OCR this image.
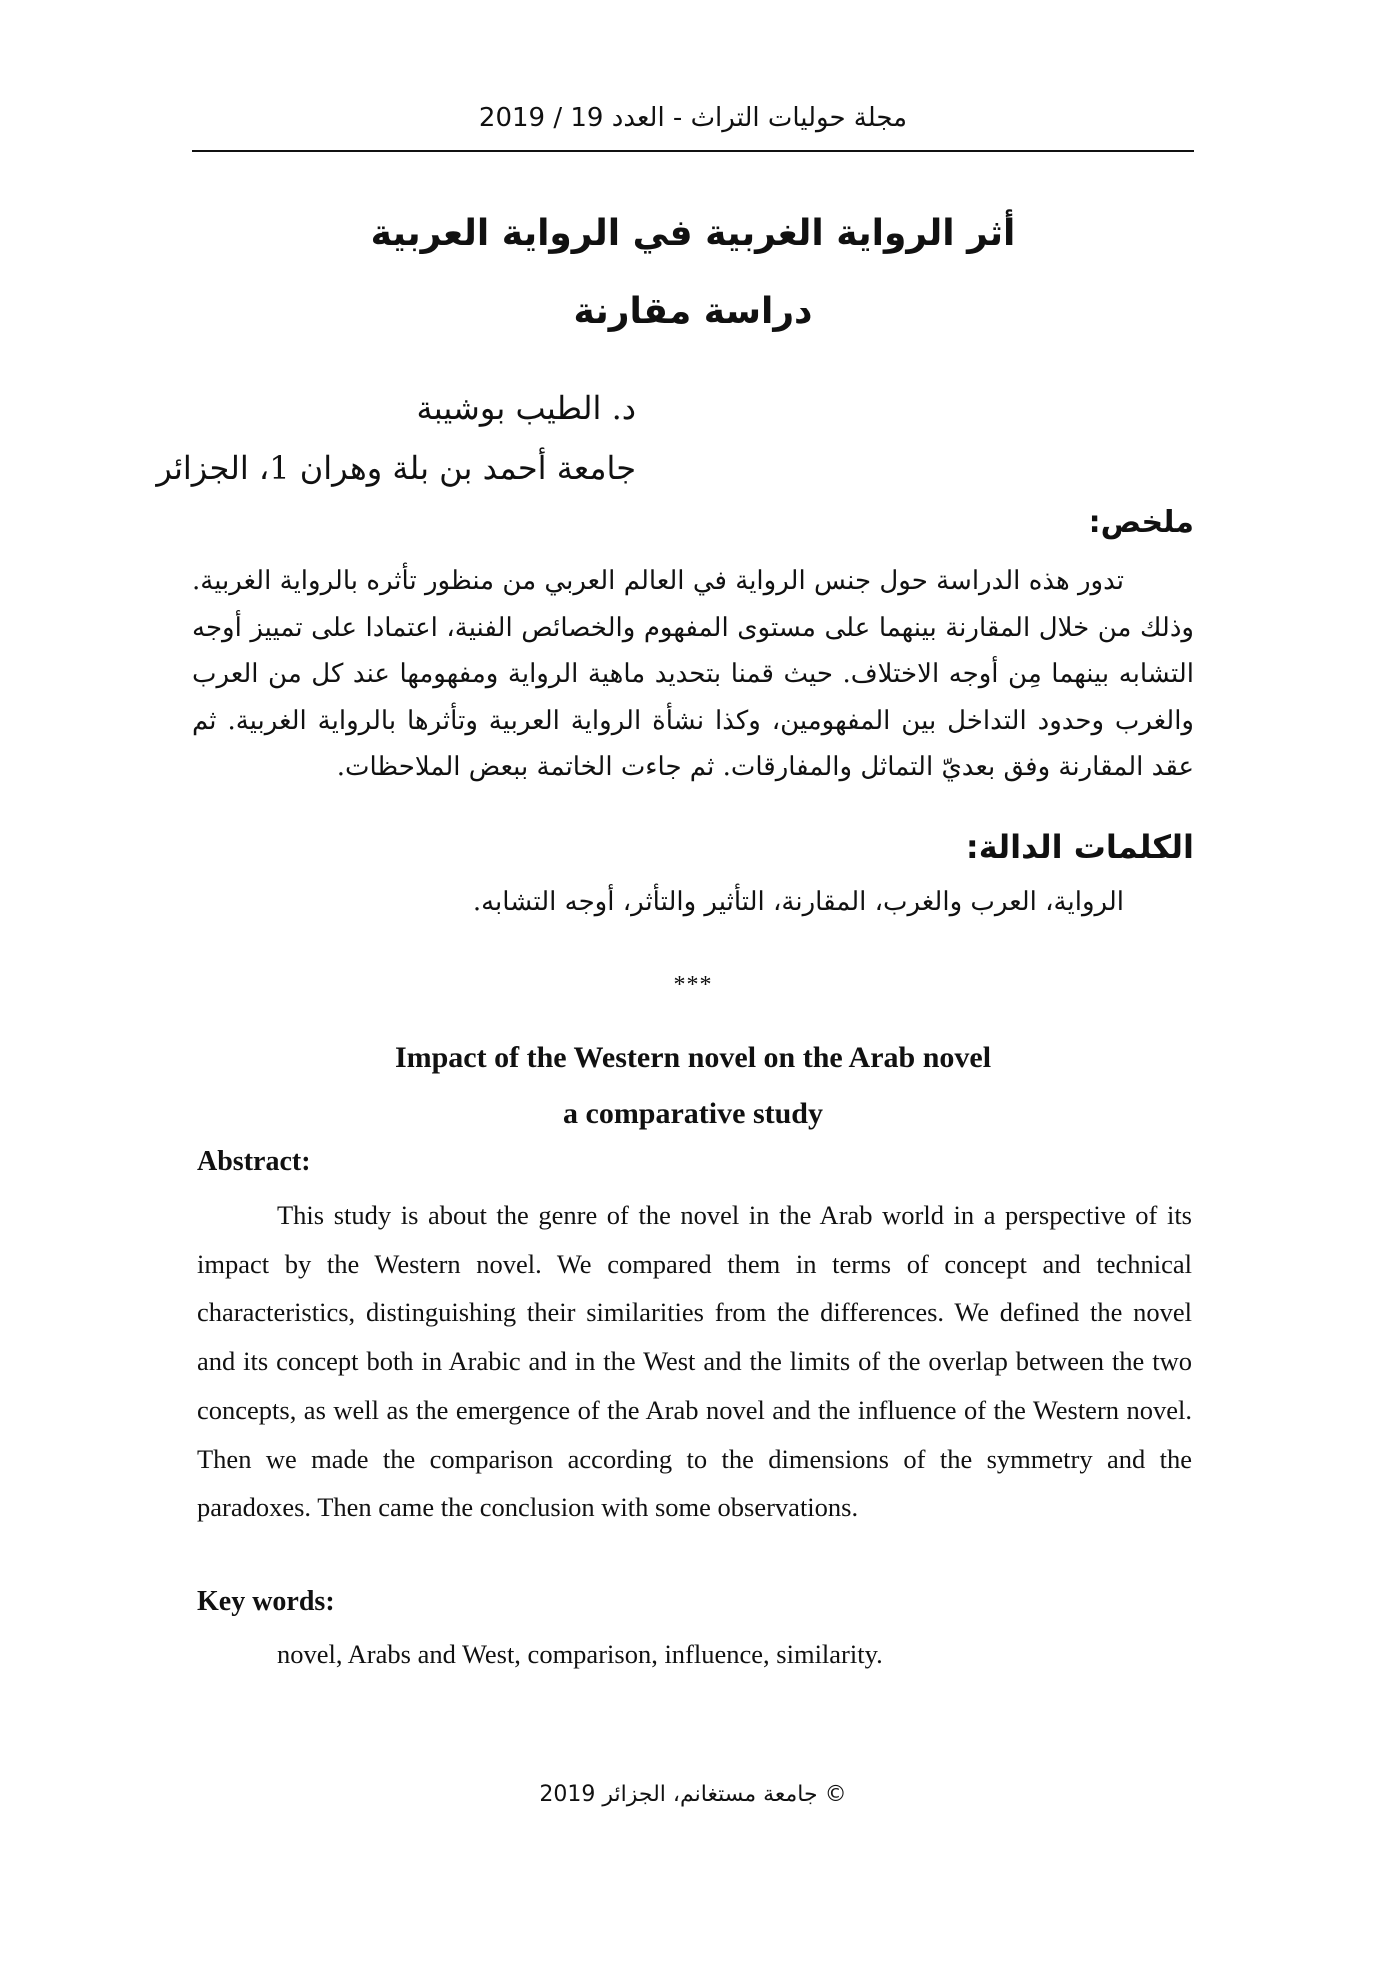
مجلة حوليات التراث - العدد 19 / 2019
أثر الرواية الغربية في الرواية العربية
دراسة مقارنة
د. الطيب بوشيبة
جامعة أحمد بن بلة وهران 1، الجزائر
ملخص:
تدور هذه الدراسة حول جنس الرواية في العالم العربي من منظور تأثره بالرواية الغربية. وذلك من خلال المقارنة بينهما على مستوى المفهوم والخصائص الفنية، اعتمادا على تمييز أوجه التشابه بينهما مِن أوجه الاختلاف. حيث قمنا بتحديد ماهية الرواية ومفهومها عند كل من العرب والغرب وحدود التداخل بين المفهومين، وكذا نشأة الرواية العربية وتأثرها بالرواية الغربية. ثم عقد المقارنة وفق بعديّ التماثل والمفارقات. ثم جاءت الخاتمة ببعض الملاحظات.
الكلمات الدالة:
الرواية، العرب والغرب، المقارنة، التأثير والتأثر، أوجه التشابه.
***
Impact of the Western novel on the Arab novel
a comparative study
Abstract:
This study is about the genre of the novel in the Arab world in a perspective of its impact by the Western novel. We compared them in terms of concept and technical characteristics, distinguishing their similarities from the differences. We defined the novel and its concept both in Arabic and in the West and the limits of the overlap between the two concepts, as well as the emergence of the Arab novel and the influence of the Western novel. Then we made the comparison according to the dimensions of the symmetry and the paradoxes. Then came the conclusion with some observations.
Key words:
novel, Arabs and West, comparison, influence, similarity.
© جامعة مستغانم، الجزائر 2019
